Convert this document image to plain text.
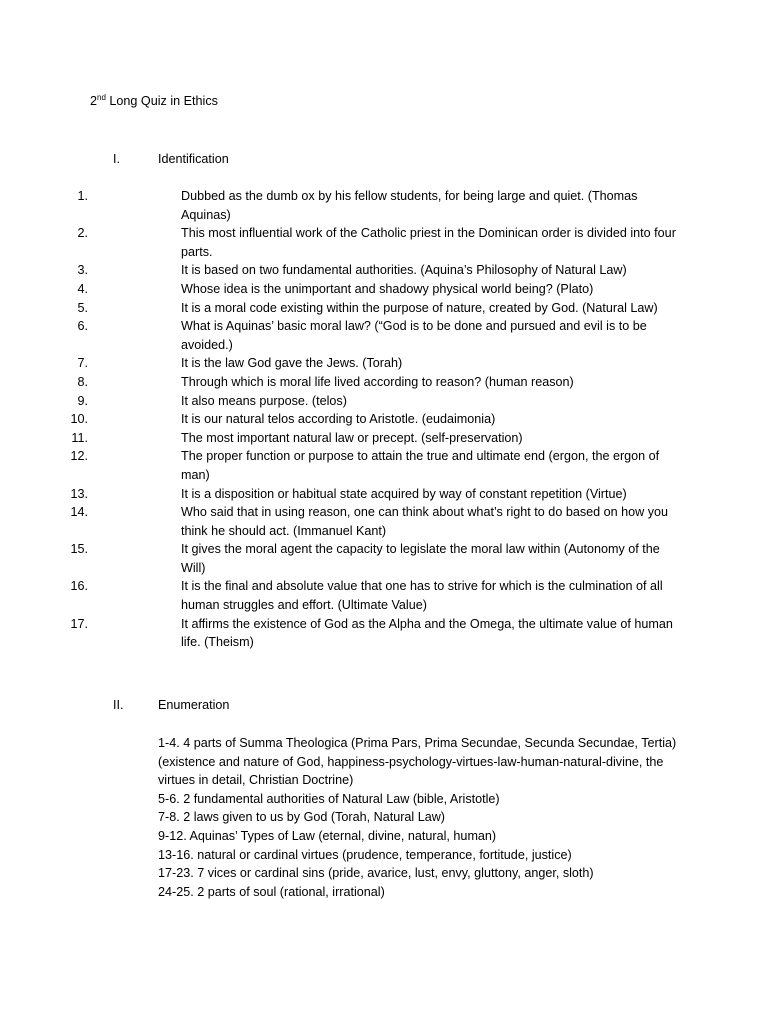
2nd Long Quiz in Ethics
I.	Identification
1.	Dubbed as the dumb ox by his fellow students, for being large and quiet. (Thomas Aquinas)
2.	This most influential work of the Catholic priest in the Dominican order is divided into four parts.
3.	It is based on two fundamental authorities. (Aquina’s Philosophy of Natural Law)
4.	Whose idea is the unimportant and shadowy physical world being? (Plato)
5.	It is a moral code existing within the purpose of nature, created by God. (Natural Law)
6.	What is Aquinas’ basic moral law? (“God is to be done and pursued and evil is to be avoided.)
7.	It is the law God gave the Jews. (Torah)
8.	Through which is moral life lived according to reason? (human reason)
9.	It also means purpose. (telos)
10.	It is our natural telos according to Aristotle. (eudaimonia)
11.	The most important natural law or precept. (self-preservation)
12.	The proper function or purpose to attain the true and ultimate end (ergon, the ergon of man)
13.	It is a disposition or habitual state acquired by way of constant repetition (Virtue)
14.	Who said that in using reason, one can think about what’s right to do based on how you think he should act. (Immanuel Kant)
15.	It gives the moral agent the capacity to legislate the moral law within (Autonomy of the Will)
16.	It is the final and absolute value that one has to strive for which is the culmination of all human struggles and effort. (Ultimate Value)
17.	It affirms the existence of God as the Alpha and the Omega, the ultimate value of human life. (Theism)
II.	Enumeration
1-4. 4 parts of Summa Theologica (Prima Pars, Prima Secundae, Secunda Secundae, Tertia) (existence and nature of God, happiness-psychology-virtues-law-human-natural-divine, the virtues in detail, Christian Doctrine)
5-6. 2 fundamental authorities of Natural Law (bible, Aristotle)
7-8. 2 laws given to us by God (Torah, Natural Law)
9-12. Aquinas’ Types of Law (eternal, divine, natural, human)
13-16. natural or cardinal virtues (prudence, temperance, fortitude, justice)
17-23. 7 vices or cardinal sins (pride, avarice, lust, envy, gluttony, anger, sloth)
24-25. 2 parts of soul (rational, irrational)
